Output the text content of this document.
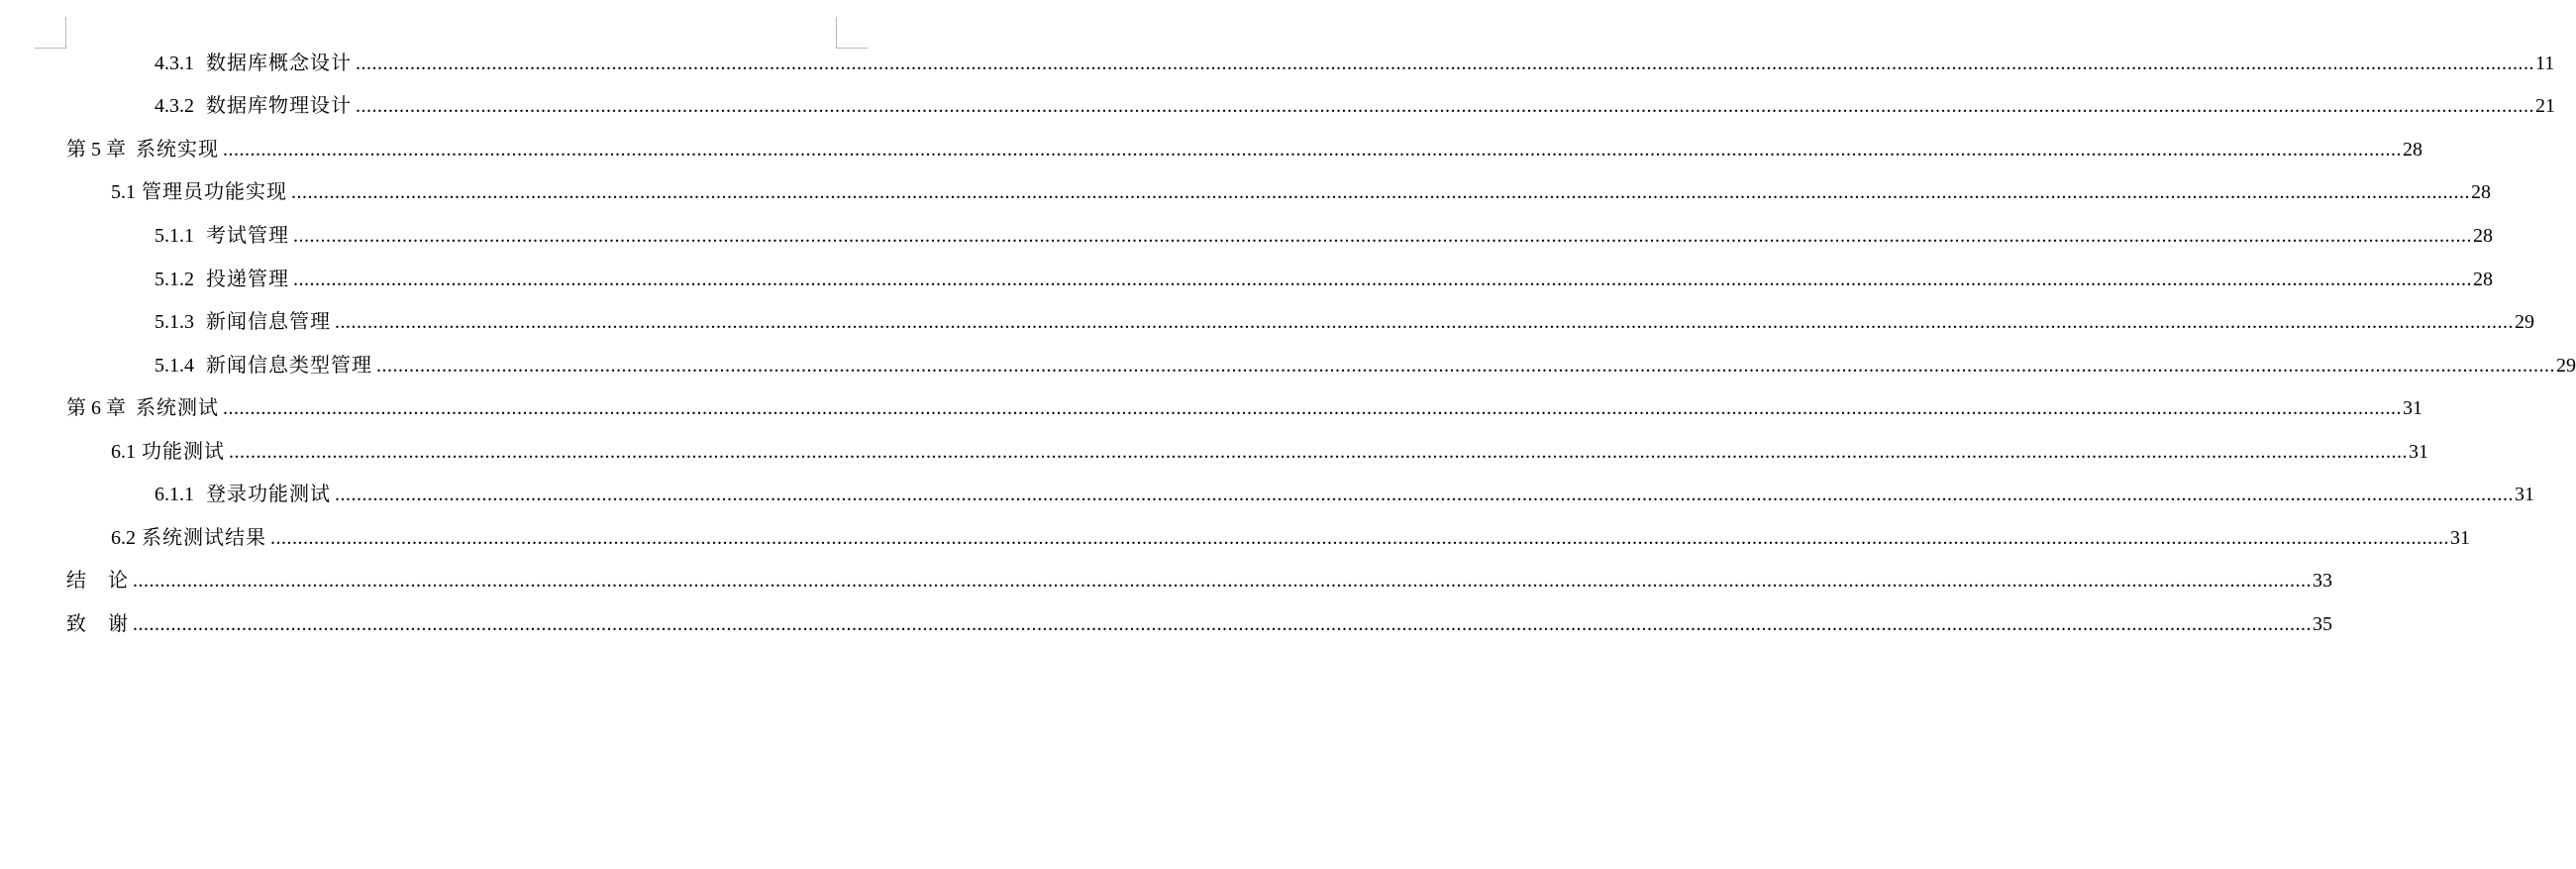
4.3.1 数据库概念设计 ................................................................................................................................................................................................................................................................................................................................................................................................................ 11
4.3.2 数据库物理设计 ................................................................................................................................................................................................................................................................................................................................................................................................................ 21
第 5 章 系统实现 ................................................................................................................................................................................................................................................................................................................................................................................................................ 28
5.1 管理员功能实现 ................................................................................................................................................................................................................................................................................................................................................................................................................ 28
5.1.1 考试管理 ................................................................................................................................................................................................................................................................................................................................................................................................................ 28
5.1.2 投递管理 ................................................................................................................................................................................................................................................................................................................................................................................................................ 28
5.1.3 新闻信息管理 ................................................................................................................................................................................................................................................................................................................................................................................................................ 29
5.1.4 新闻信息类型管理 ................................................................................................................................................................................................................................................................................................................................................................................................................ 29
第 6 章 系统测试 ................................................................................................................................................................................................................................................................................................................................................................................................................ 31
6.1 功能测试 ................................................................................................................................................................................................................................................................................................................................................................................................................ 31
6.1.1 登录功能测试 ................................................................................................................................................................................................................................................................................................................................................................................................................ 31
6.2 系统测试结果 ................................................................................................................................................................................................................................................................................................................................................................................................................ 31
结　论 ................................................................................................................................................................................................................................................................................................................................................................................................................ 33
致　谢 ................................................................................................................................................................................................................................................................................................................................................................................................................ 35
